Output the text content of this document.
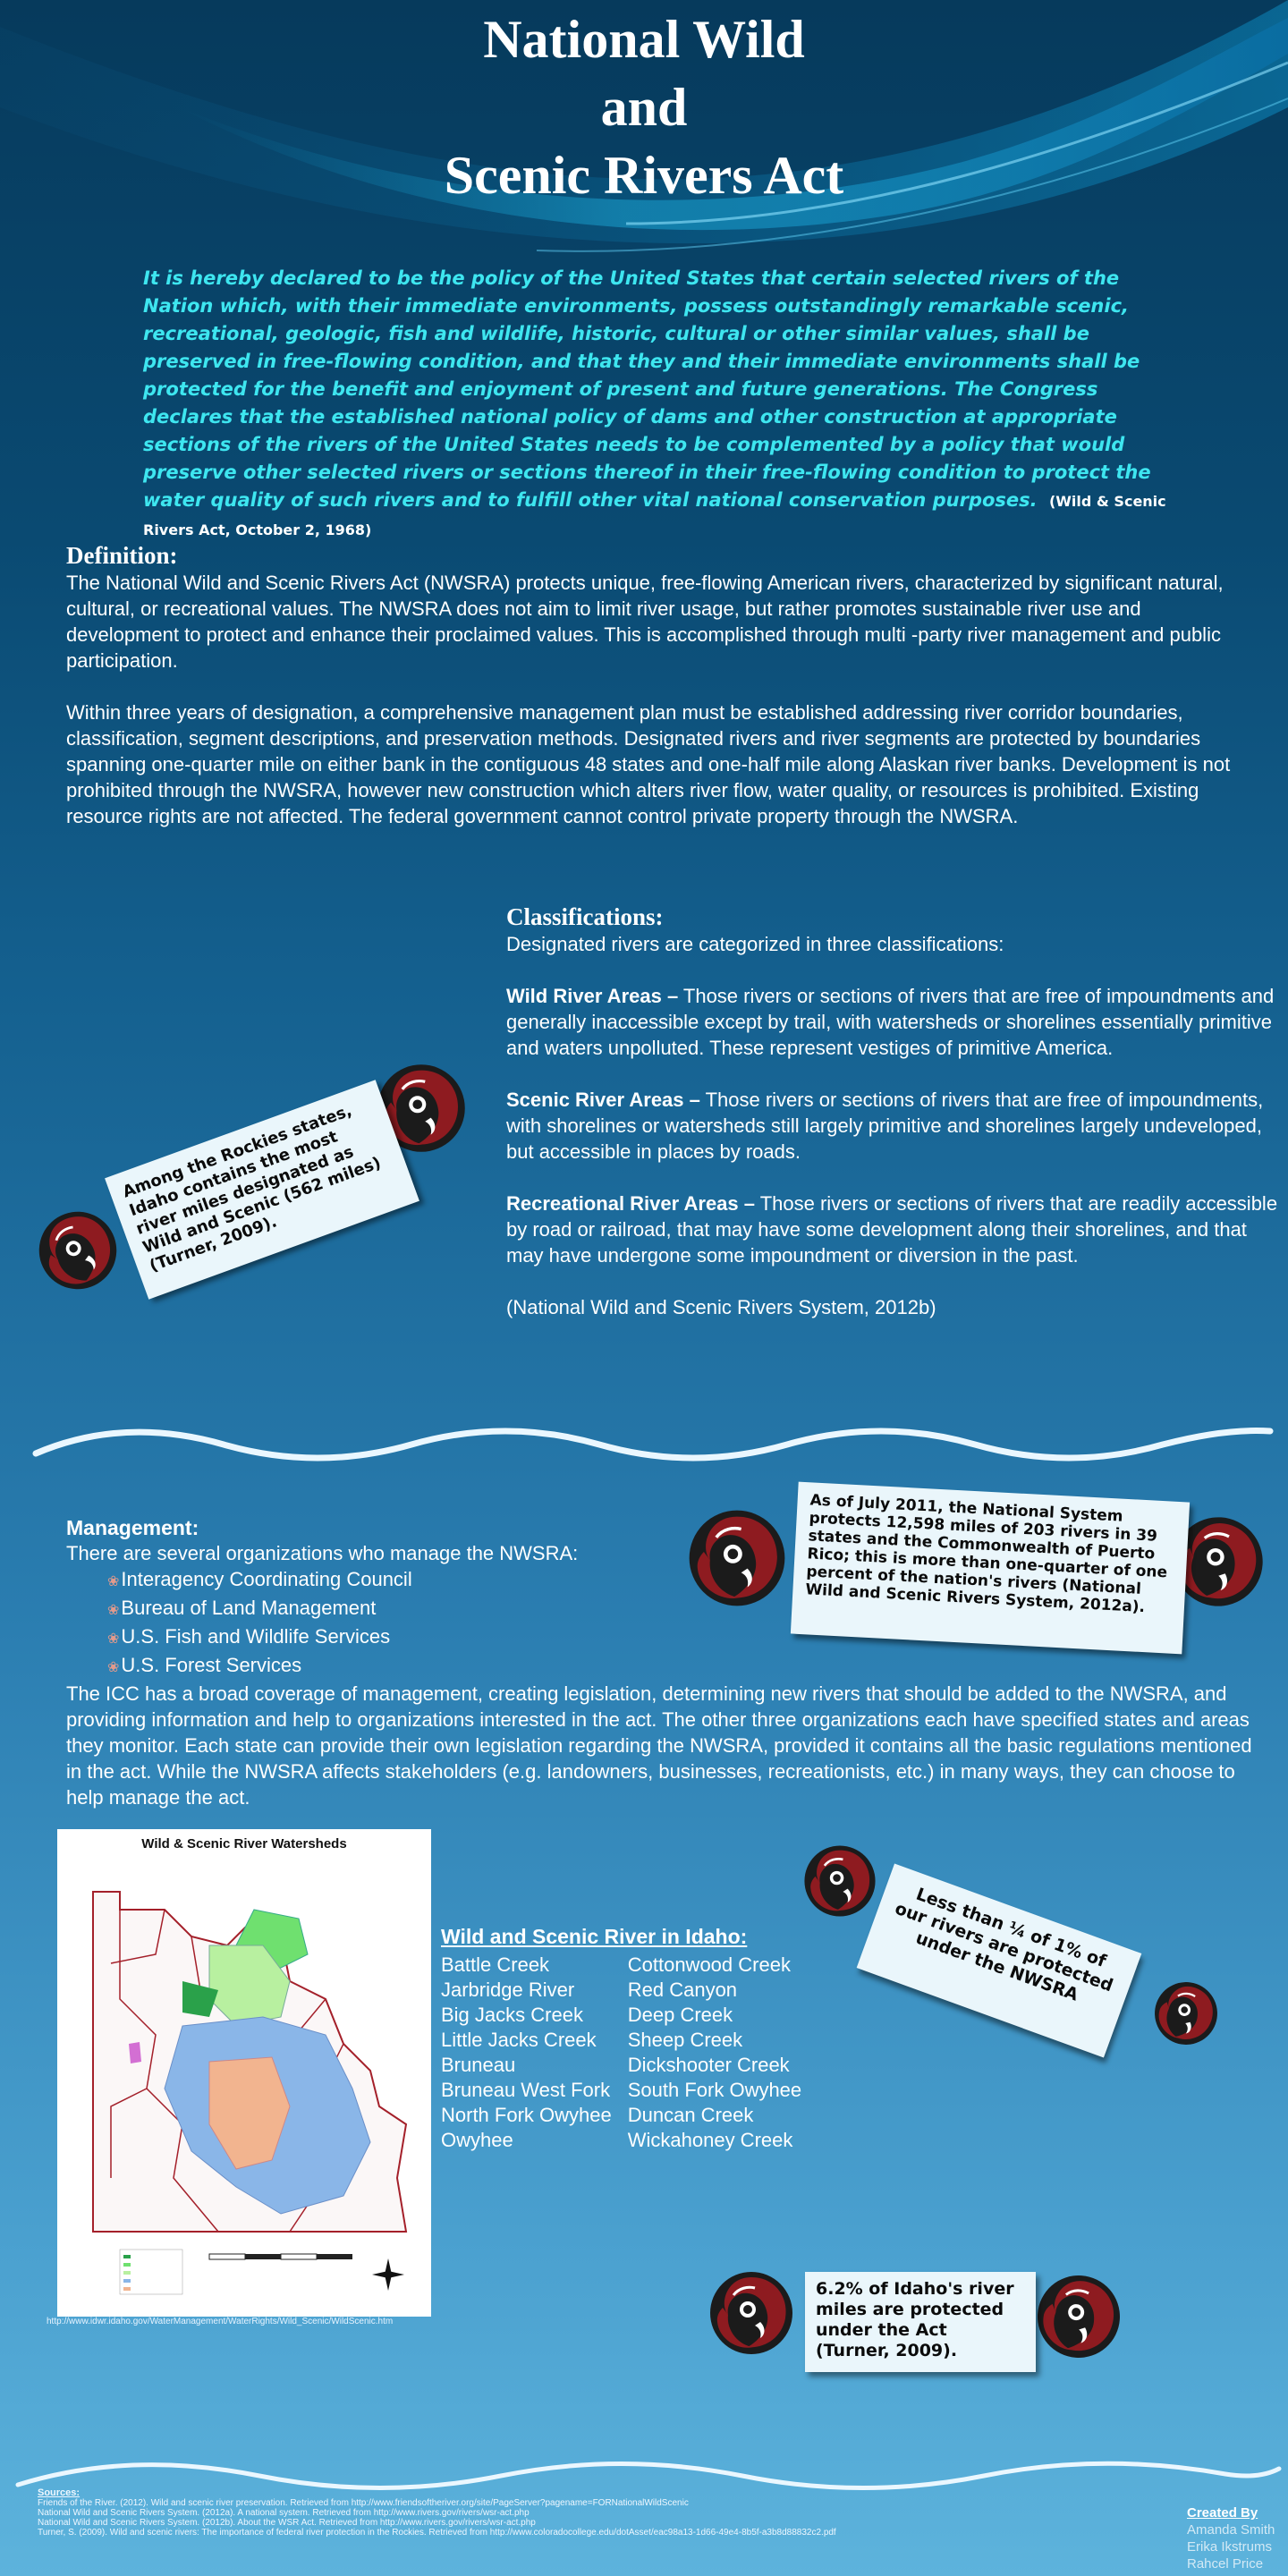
National Wild
and
Scenic Rivers Act
It is hereby declared to be the policy of the United States that certain selected rivers of the Nation which, with their immediate environments, possess outstandingly remarkable scenic, recreational, geologic, fish and wildlife, historic, cultural or other similar values, shall be preserved in free-flowing condition, and that they and their immediate environments shall be protected for the benefit and enjoyment of present and future generations. The Congress declares that the established national policy of dams and other construction at appropriate sections of the rivers of the United States needs to be complemented by a policy that would preserve other selected rivers or sections thereof in their free-flowing condition to protect the water quality of such rivers and to fulfill other vital national conservation purposes. (Wild & Scenic Rivers Act, October 2, 1968)
Definition:

The National Wild and Scenic Rivers Act (NWSRA) protects unique, free-flowing American rivers, characterized by significant natural, cultural, or recreational values. The NWSRA does not aim to limit river usage, but rather promotes sustainable river use and development to protect and enhance their proclaimed values. This is accomplished through multi -party river management and public participation.

Within three years of designation, a comprehensive management plan must be established addressing river corridor boundaries, classification, segment descriptions, and preservation methods. Designated rivers and river segments are protected by boundaries spanning one-quarter mile on either bank in the contiguous 48 states and one-half mile along Alaskan river banks. Development is not prohibited through the NWSRA, however new construction which alters river flow, water quality, or resources is prohibited. Existing resource rights are not affected. The federal government cannot control private property through the NWSRA.

Classifications:

Designated rivers are categorized in three classifications:

Wild River Areas – Those rivers or sections of rivers that are free of impoundments and generally inaccessible except by trail, with watersheds or shorelines essentially primitive and waters unpolluted. These represent vestiges of primitive America.

Scenic River Areas – Those rivers or sections of rivers that are free of impoundments, with shorelines or watersheds still largely primitive and shorelines largely undeveloped, but accessible in places by roads.

Recreational River Areas – Those rivers or sections of rivers that are readily accessible by road or railroad, that may have some development along their shorelines, and that may have undergone some impoundment or diversion in the past.

(National Wild and Scenic Rivers System, 2012b)

Among the Rockies states, Idaho contains the most river miles designated as Wild and Scenic (562 miles) (Turner, 2009).
As of July 2011, the National System protects 12,598 miles of 203 rivers in 39 states and the Commonwealth of Puerto Rico; this is more than one-quarter of one percent of the nation's rivers (National Wild and Scenic Rivers System, 2012a).
Management:

There are several organizations who manage the NWSRA:

❀Interagency Coordinating Council
❀Bureau of Land Management
❀U.S. Fish and Wildlife Services
❀U.S. Forest Services

The ICC has a broad coverage of management, creating legislation, determining new rivers that should be added to the NWSRA, and providing information and help to organizations interested in the act. The other three organizations each have specified states and areas they monitor. Each state can provide their own legislation regarding the NWSRA, provided it contains all the basic regulations mentioned in the act. While the NWSRA affects stakeholders (e.g. landowners, businesses, recreationists, etc.) in many ways, they can choose to help manage the act.

Wild & Scenic River Watersheds
http://www.idwr.idaho.gov/WaterManagement/WaterRights/Wild_Scenic/WildScenic.htm
Wild and Scenic River in Idaho:
Battle Creek	Cottonwood Creek
Jarbridge River	Red Canyon
Big Jacks Creek	Deep Creek
Little Jacks Creek	Sheep Creek
Bruneau	Dickshooter Creek
Bruneau West Fork	South Fork Owyhee
North Fork Owyhee	Duncan Creek
Owyhee	Wickahoney Creek
Less than ¼ of 1% of our rivers are protected under the NWSRA
6.2% of Idaho's river miles are protected under the Act (Turner, 2009).
Sources:
Friends of the River. (2012). Wild and scenic river preservation. Retrieved from http://www.friendsoftheriver.org/site/PageServer?pagename=FORNationalWildScenic
National Wild and Scenic Rivers System. (2012a). A national system. Retrieved from http://www.rivers.gov/rivers/wsr-act.php
National Wild and Scenic Rivers System. (2012b). About the WSR Act. Retrieved from http://www.rivers.gov/rivers/wsr-act.php
Turner, S. (2009). Wild and scenic rivers: The importance of federal river protection in the Rockies. Retrieved from http://www.coloradocollege.edu/dotAsset/eac98a13-1d66-49e4-8b5f-a3b8d88832c2.pdf
Created By
Amanda Smith
Erika Ikstrums
Rahcel Price
